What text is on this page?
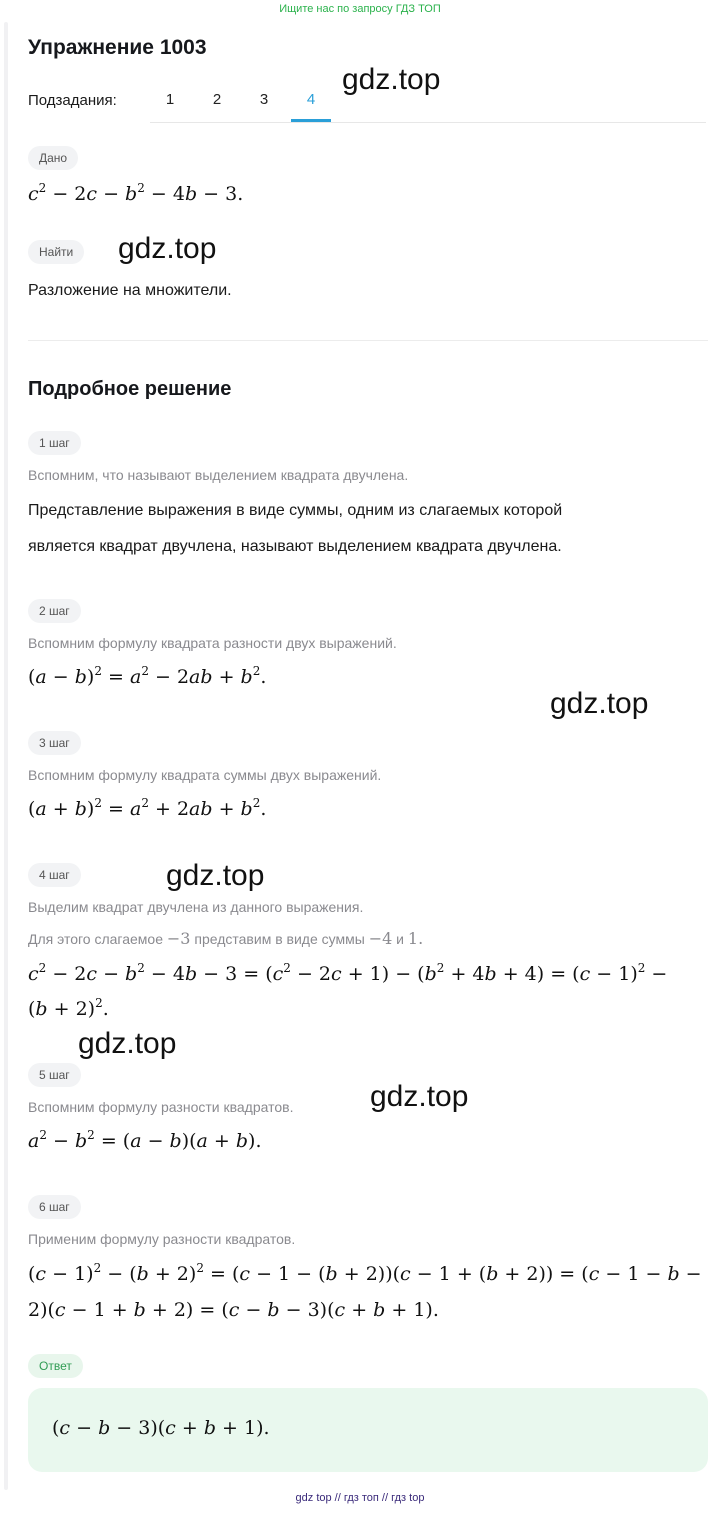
Ищите нас по запросу ГДЗ ТОП
Упражнение 1003
Подзадания:	1	2	3	4
Дано
$c^2 - 2c - b^2 - 4b - 3$.
Найти
Разложение на множители.
Подробное решение
1 шаг
Вспомним, что называют выделением квадрата двучлена.
Представление выражения в виде суммы, одним из слагаемых которой
является квадрат двучлена, называют выделением квадрата двучлена.
2 шаг
Вспомним формулу квадрата разности двух выражений.
$(a - b)^2 = a^2 - 2ab + b^2$.
3 шаг
Вспомним формулу квадрата суммы двух выражений.
$(a + b)^2 = a^2 + 2ab + b^2$.
4 шаг
Выделим квадрат двучлена из данного выражения.
Для этого слагаемое −3 представим в виде суммы −4 и 1.
$c^2 - 2c - b^2 - 4b - 3 = (c^2 - 2c + 1) - (b^2 + 4b + 4) = (c - 1)^2$ −
$(b + 2)^2$.
5 шаг
Вспомним формулу разности квадратов.
$a^2 - b^2 = (a - b)(a + b)$.
6 шаг
Применим формулу разности квадратов.
$(c - 1)^2 - (b + 2)^2 = (c - 1 - (b + 2))(c - 1 + (b + 2)) = (c - 1 - b$ −
2)(c − 1 + b + 2) = (c − b − 3)(c + b + 1).
Ответ
(c − b − 3)(c + b + 1).
gdz.top
gdz.top
gdz.top
gdz.top
gdz.top
gdz.top
gdz top // гдз топ // гдз top
